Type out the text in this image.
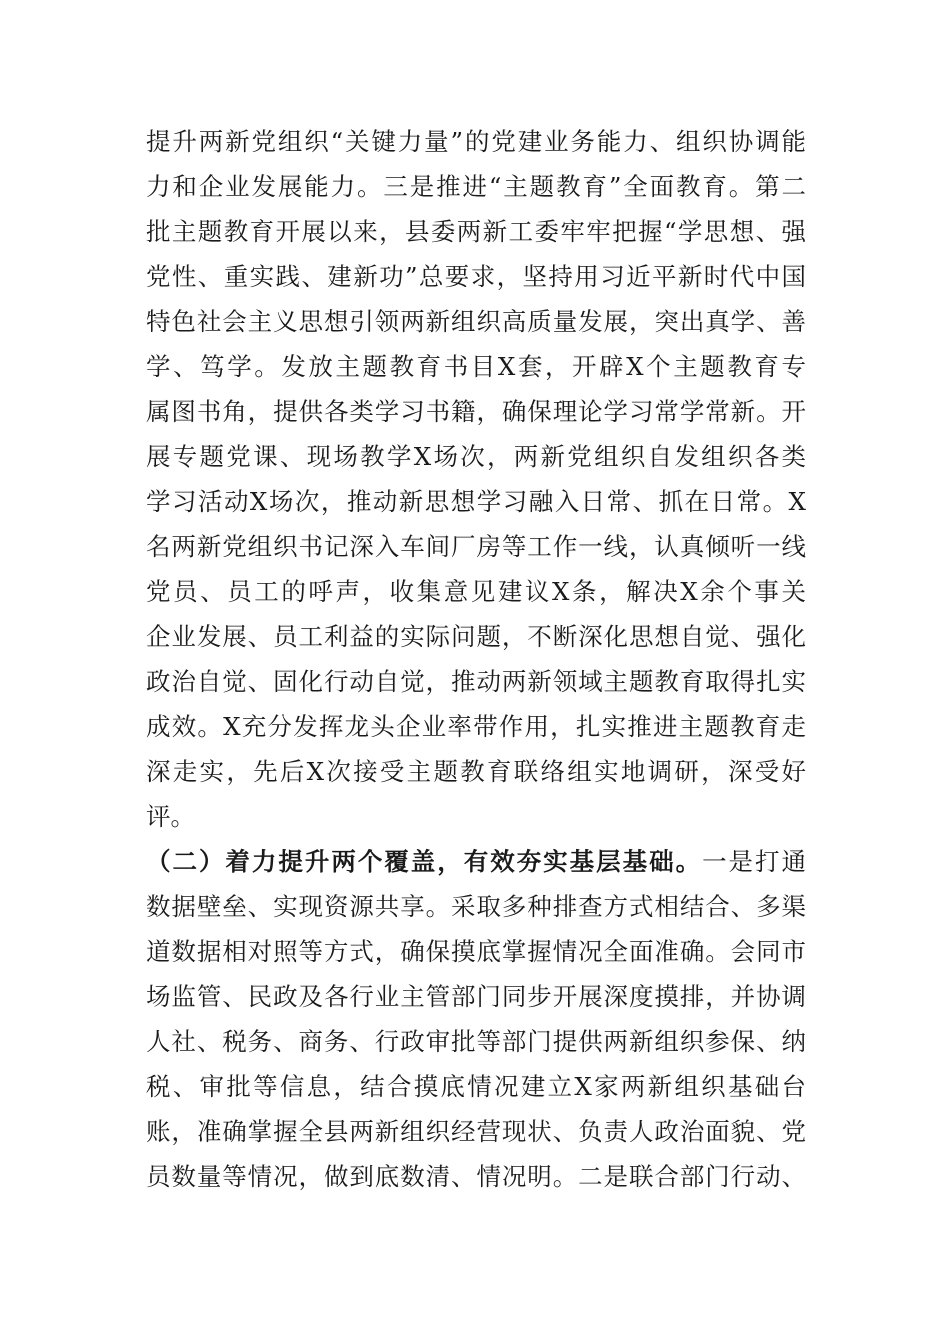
提升两新党组织“关键力量”的党建业务能力、组织协调能
力和企业发展能力。三是推进“主题教育”全面教育。第二
批主题教育开展以来，县委两新工委牢牢把握“学思想、强
党性、重实践、建新功”总要求，坚持用习近平新时代中国
特色社会主义思想引领两新组织高质量发展，突出真学、善
学、笃学。发放主题教育书目X套，开辟X个主题教育专
属图书角，提供各类学习书籍，确保理论学习常学常新。开
展专题党课、现场教学X场次，两新党组织自发组织各类
学习活动X场次，推动新思想学习融入日常、抓在日常。X
名两新党组织书记深入车间厂房等工作一线，认真倾听一线
党员、员工的呼声，收集意见建议X条，解决X余个事关
企业发展、员工利益的实际问题，不断深化思想自觉、强化
政治自觉、固化行动自觉，推动两新领域主题教育取得扎实
成效。X充分发挥龙头企业率带作用，扎实推进主题教育走
深走实，先后X次接受主题教育联络组实地调研，深受好
评。
（二）着力提升两个覆盖，有效夯实基层基础。一是打通
数据壁垒、实现资源共享。采取多种排查方式相结合、多渠
道数据相对照等方式，确保摸底掌握情况全面准确。会同市
场监管、民政及各行业主管部门同步开展深度摸排，并协调
人社、税务、商务、行政审批等部门提供两新组织参保、纳
税、审批等信息，结合摸底情况建立X家两新组织基础台
账，准确掌握全县两新组织经营现状、负责人政治面貌、党
员数量等情况，做到底数清、情况明。二是联合部门行动、
